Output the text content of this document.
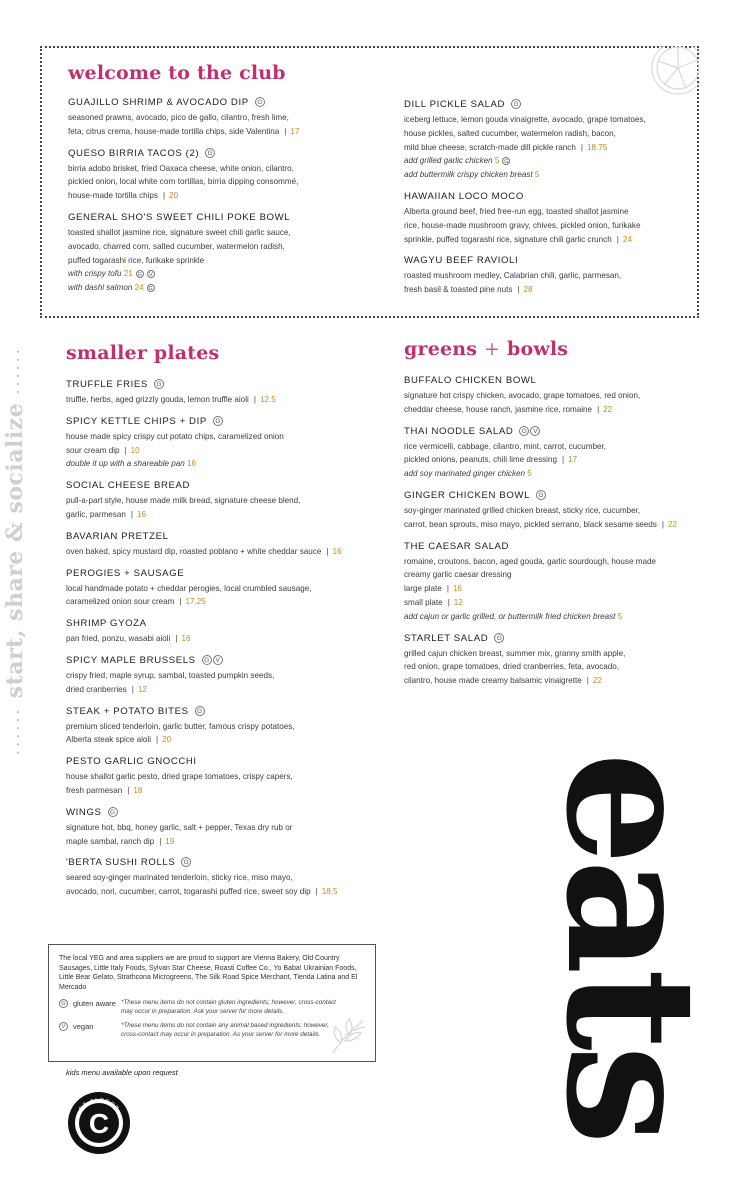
welcome to the club
GUAJILLO SHRIMP & AVOCADO DIP G
seasoned prawns, avocado, pico de gallo, cilantro, fresh lime,
feta, citrus crema, house-made tortilla chips, side Valentina | 17
QUESO BIRRIA TACOS (2) G
birria adobo brisket, fried Oaxaca cheese, white onion, cilantro,
pickled onion, local white corn tortillas, birria dipping consommé,
house-made tortilla chips | 20
GENERAL SHO'S SWEET CHILI POKE BOWL
toasted shallot jasmine rice, signature sweet chili garlic sauce,
avocado, charred corn, salted cucumber, watermelon radish,
puffed togarashi rice, furikake sprinkle
with crispy tofu 21 G V
with dashi salmon 24 G
DILL PICKLE SALAD G
iceberg lettuce, lemon gouda vinaigrette, avocado, grape tomatoes,
house pickles, salted cucumber, watermelon radish, bacon,
mild blue cheese, scratch-made dill pickle ranch | 18.75
add grilled garlic chicken 5 G
add buttermilk crispy chicken breast 5
HAWAIIAN LOCO MOCO
Alberta ground beef, fried free-run egg, toasted shallot jasmine
rice, house-made mushroom gravy, chives, pickled onion, furikake
sprinkle, puffed togarashi rice, signature chili garlic crunch | 24
WAGYU BEEF RAVIOLI
roasted mushroom medley, Calabrian chili, garlic, parmesan,
fresh basil & toasted pine nuts | 28
smaller plates
TRUFFLE FRIES G
truffle, herbs, aged grizzly gouda, lemon truffle aioli | 12.5
SPICY KETTLE CHIPS + DIP G
house made spicy crispy cut potato chips, caramelized onion
sour cream dip | 10
double it up with a shareable pan 16
SOCIAL CHEESE BREAD
pull-a-part style, house made milk bread, signature cheese blend,
garlic, parmesan | 16
BAVARIAN PRETZEL
oven baked, spicy mustard dip, roasted poblano + white cheddar sauce | 16
PEROGIES + SAUSAGE
local handmade potato + cheddar perogies, local crumbled sausage,
caramelized onion sour cream | 17.25
SHRIMP GYOZA
pan fried, ponzu, wasabi aioli | 16
SPICY MAPLE BRUSSELS G V
crispy fried, maple syrup, sambal, toasted pumpkin seeds,
dried cranberries | 12
STEAK + POTATO BITES G
premium sliced tenderloin, garlic butter, famous crispy potatoes,
Alberta steak spice aioli | 20
PESTO GARLIC GNOCCHI
house shallot garlic pesto, dried grape tomatoes, crispy capers,
fresh parmesan | 18
WINGS G
signature hot, bbq, honey garlic, salt + pepper, Texas dry rub or
maple sambal, ranch dip | 19
'BERTA SUSHI ROLLS G
seared soy-ginger marinated tenderloin, sticky rice, miso mayo,
avocado, nori, cucumber, carrot, togarashi puffed rice, sweet soy dip | 18.5
greens + bowls
BUFFALO CHICKEN BOWL
signature hot crispy chicken, avocado, grape tomatoes, red onion,
cheddar cheese, house ranch, jasmine rice, romaine | 22
THAI NOODLE SALAD G V
rice vermicelli, cabbage, cilantro, mint, carrot, cucumber,
pickled onions, peanuts, chili lime dressing | 17
add soy marinated ginger chicken 5
GINGER CHICKEN BOWL G
soy-ginger marinated grilled chicken breast, sticky rice, cucumber,
carrot, bean sprouts, miso mayo, pickled serrano, black sesame seeds | 22
THE CAESAR SALAD
romaine, croutons, bacon, aged gouda, garlic sourdough, house made
creamy garlic caesar dressing
large plate | 16
small plate | 12
add cajun or garlic grilled, or buttermilk fried chicken breast 5
STARLET SALAD G
grilled cajun chicken breast, summer mix, granny smith apple,
red onion, grape tomatoes, dried cranberries, feta, avocado,
cilantro, house made creamy balsamic vinaigrette | 22
...... start, share & socialize ......
eats
The local YEG and area suppliers we are proud to support are Vienna Bakery, Old Country Sausages, Little Italy Foods, Sylvan Star Cheese, Roasti Coffee Co., Yo Baba! Ukrainian Foods, Little Bear Gelato, Strathcona Microgreens, The Silk Road Spice Merchant, Tienda Latina and El Mercado
G gluten aware *These menu items do not contain gluten ingredients; however, cross-contact may occur in preparation. Ask your server for more details.
V	vegan	*These menu items do not contain any animal based ingredients; however, cross-contact may occur in preparation. As your server for more details.
kids menu available upon request
C
ST ALBERT
